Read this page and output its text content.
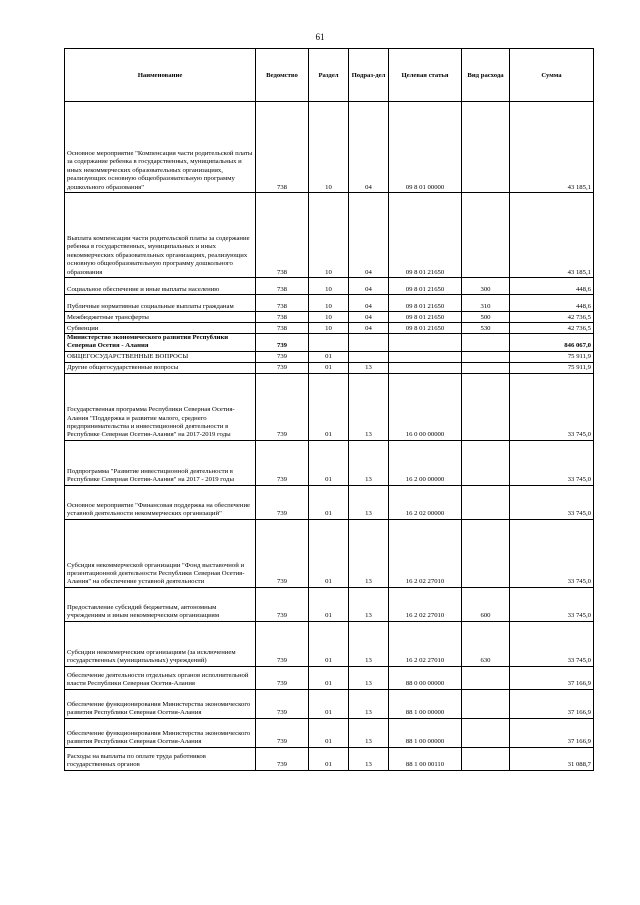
61
Наименование	Ведомство	Раздел	Подраз-дел	Целевая статья	Вид расхода	Сумма
Основное мероприятие "Компенсация части родительской платы за содержание ребенка в государственных, муниципальных и иных некоммерческих образовательных организациях, реализующих основную общеобразовательную программу дошкольного образования"	738	10	04	09 8 01 00000		43 185,1
Выплата компенсации части родительской платы за содержание ребенка в государственных, муниципальных и иных некоммерческих образовательных организациях, реализующих основную общеобразовательную программу дошкольного образования	738	10	04	09 8 01 21650		43 185,1
Социальное обеспечение и иные выплаты населению	738	10	04	09 8 01 21650	300	448,6
Публичные нормативные социальные выплаты гражданам	738	10	04	09 8 01 21650	310	448,6
Межбюджетные трансферты	738	10	04	09 8 01 21650	500	42 736,5
Субвенции	738	10	04	09 8 01 21650	530	42 736,5
Министерство экономического развития Республики Северная Осетия - Алания	739					846 067,0
ОБЩЕГОСУДАРСТВЕННЫЕ ВОПРОСЫ	739	01				75 911,9
Другие общегосударственные вопросы	739	01	13			75 911,9
Государственная программа Республики Северная Осетия-Алания "Поддержка и развитие малого, среднего предпринимательства и инвестиционной деятельности в Республике Северная Осетия-Алания" на 2017-2019 годы	739	01	13	16 0 00 00000		33 745,0
Подпрограмма "Развитие инвестиционной деятельности в Республике Северная Осетия-Алания" на 2017 - 2019 годы	739	01	13	16 2 00 00000		33 745,0
Основное мероприятие "Финансовая поддержка на обеспечение уставной деятельности некоммерческих организаций"	739	01	13	16 2 02 00000		33 745,0
Субсидия некоммерческой организации "Фонд выставочной и презентационной деятельности Республики Северная Осетия-Алания" на обеспечение уставной деятельности	739	01	13	16 2 02 27010		33 745,0
Предоставление субсидий бюджетным, автономным учреждениям и иным некоммерческим организациям	739	01	13	16 2 02 27010	600	33 745,0
Субсидии некоммерческим организациям (за исключением государственных (муниципальных) учреждений)	739	01	13	16 2 02 27010	630	33 745,0
Обеспечение деятельности отдельных органов исполнительной власти Республики Северная Осетия-Алания	739	01	13	88 0 00 00000		37 166,9
Обеспечение функционирования Министерства экономического развития Республики Северная Осетия-Алания	739	01	13	88 1 00 00000		37 166,9
Обеспечение функционирования Министерства экономического развития Республики Северная Осетия-Алания	739	01	13	88 1 00 00000		37 166,9
Расходы на выплаты по оплате труда работников государственных органов	739	01	13	88 1 00 00110		31 088,7
